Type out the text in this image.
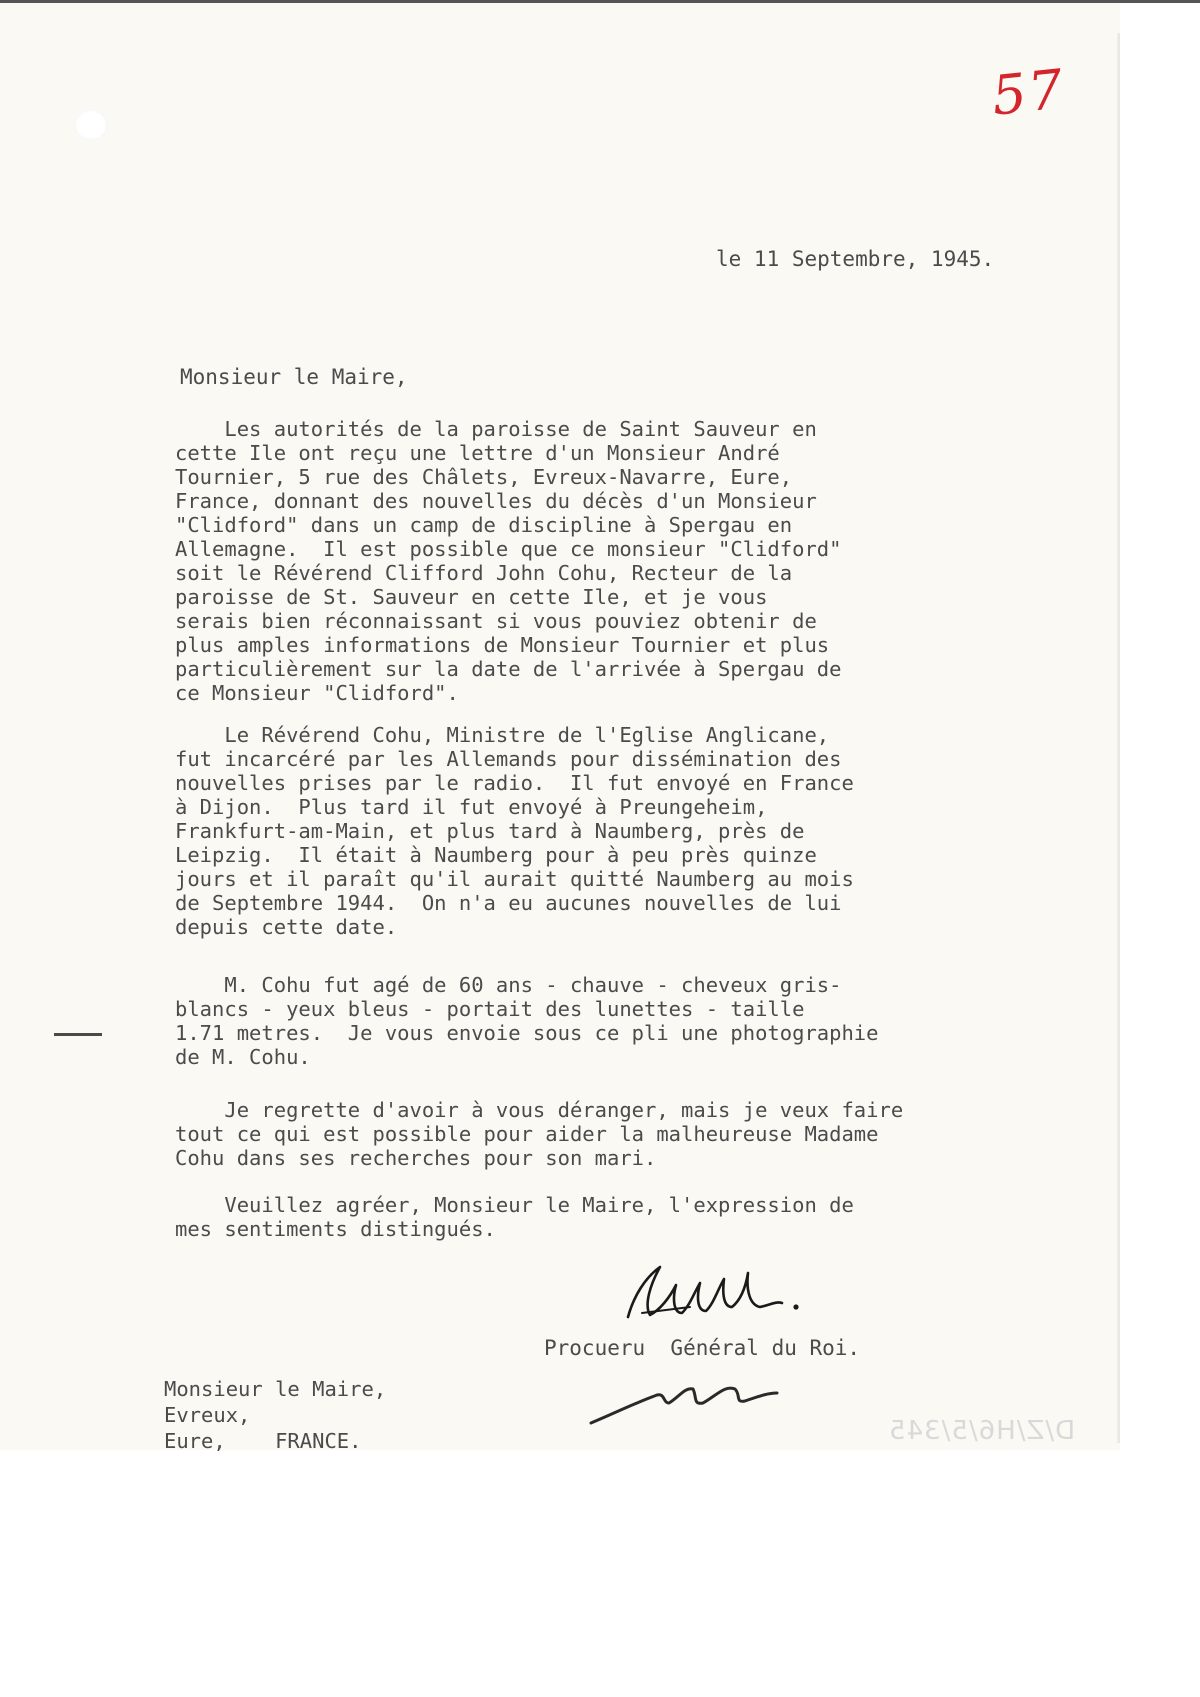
57

le 11 Septembre, 1945.

Monsieur le Maire,

Les autorités de la paroisse de Saint Sauveur en
cette Ile ont reçu une lettre d'un Monsieur André
Tournier, 5 rue des Châlets, Evreux-Navarre, Eure,
France, donnant des nouvelles du décès d'un Monsieur
"Clidford" dans un camp de discipline à Spergau en
Allemagne.  Il est possible que ce monsieur "Clidford"
soit le Révérend Clifford John Cohu, Recteur de la
paroisse de St. Sauveur en cette Ile, et je vous
serais bien réconnaissant si vous pouviez obtenir de
plus amples informations de Monsieur Tournier et plus
particulièrement sur la date de l'arrivée à Spergau de
ce Monsieur "Clidford".
Le Révérend Cohu, Ministre de l'Eglise Anglicane,
fut incarcéré par les Allemands pour dissémination des
nouvelles prises par le radio.  Il fut envoyé en France
à Dijon.  Plus tard il fut envoyé à Preungeheim,
Frankfurt-am-Main, et plus tard à Naumberg, près de
Leipzig.  Il était à Naumberg pour à peu près quinze
jours et il paraît qu'il aurait quitté Naumberg au mois
de Septembre 1944.  On n'a eu aucunes nouvelles de lui
depuis cette date.
M. Cohu fut agé de 60 ans - chauve - cheveux gris-
blancs - yeux bleus - portait des lunettes - taille
1.71 metres.  Je vous envoie sous ce pli une photographie
de M. Cohu.
Je regrette d'avoir à vous déranger, mais je veux faire
tout ce qui est possible pour aider la malheureuse Madame
Cohu dans ses recherches pour son mari.
Veuillez agréer, Monsieur le Maire, l'expression de
mes sentiments distingués.

Procueru  Général du Roi.

Monsieur le Maire,
Evreux,
Eure,    FRANCE.	D/Z/H6/5/345
